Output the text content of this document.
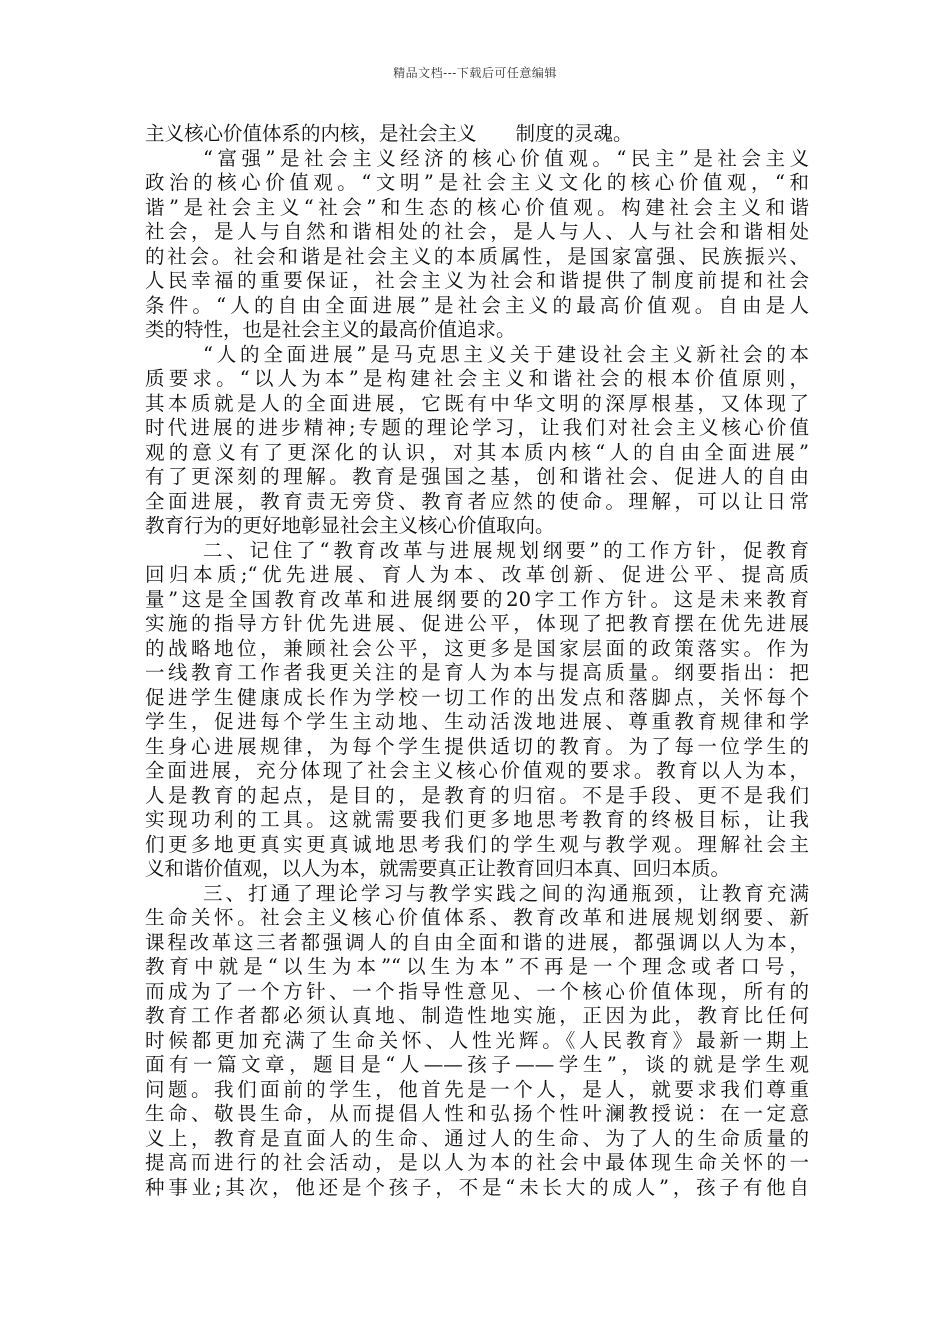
精品文档---下载后可任意编辑
主义核心价值体系的内核，是社会主义　　制度的灵魂。
“富强”是社会主义经济的核心价值观。“民主”是社会主义
政治的核心价值观。“文明”是社会主义文化的核心价值观，“和
谐”是社会主义“社会”和生态的核心价值观。构建社会主义和谐
社会，是人与自然和谐相处的社会，是人与人、人与社会和谐相处
的社会。社会和谐是社会主义的本质属性，是国家富强、民族振兴、
人民幸福的重要保证，社会主义为社会和谐提供了制度前提和社会
条件。“人的自由全面进展”是社会主义的最高价值观。自由是人
类的特性，也是社会主义的最高价值追求。
“人的全面进展”是马克思主义关于建设社会主义新社会的本
质要求。“以人为本”是构建社会主义和谐社会的根本价值原则，
其本质就是人的全面进展，它既有中华文明的深厚根基，又体现了
时代进展的进步精神;专题的理论学习，让我们对社会主义核心价值
观的意义有了更深化的认识，对其本质内核“人的自由全面进展”
有了更深刻的理解。教育是强国之基，创和谐社会、促进人的自由
全面进展，教育责无旁贷、教育者应然的使命。理解，可以让日常
教育行为的更好地彰显社会主义核心价值取向。
二、记住了“教育改革与进展规划纲要”的工作方针，促教育
回归本质;“优先进展、育人为本、改革创新、促进公平、提高质
量”这是全国教育改革和进展纲要的20字工作方针。这是未来教育
实施的指导方针优先进展、促进公平，体现了把教育摆在优先进展
的战略地位，兼顾社会公平，这更多是国家层面的政策落实。作为
一线教育工作者我更关注的是育人为本与提高质量。纲要指出：把
促进学生健康成长作为学校一切工作的出发点和落脚点，关怀每个
学生，促进每个学生主动地、生动活泼地进展、尊重教育规律和学
生身心进展规律，为每个学生提供适切的教育。为了每一位学生的
全面进展，充分体现了社会主义核心价值观的要求。教育以人为本，
人是教育的起点，是目的，是教育的归宿。不是手段、更不是我们
实现功利的工具。这就需要我们更多地思考教育的终极目标，让我
们更多地更真实更真诚地思考我们的学生观与教学观。理解社会主
义和谐价值观，以人为本，就需要真正让教育回归本真、回归本质。
三、打通了理论学习与教学实践之间的沟通瓶颈，让教育充满
生命关怀。社会主义核心价值体系、教育改革和进展规划纲要、新
课程改革这三者都强调人的自由全面和谐的进展，都强调以人为本，
教育中就是“以生为本”“以生为本”不再是一个理念或者口号，
而成为了一个方针、一个指导性意见、一个核心价值体现，所有的
教育工作者都必须认真地、制造性地实施，正因为此，教育比任何
时候都更加充满了生命关怀、人性光辉。《人民教育》最新一期上
面有一篇文章，题目是“人——孩子——学生”，谈的就是学生观
问题。我们面前的学生，他首先是一个人，是人，就要求我们尊重
生命、敬畏生命，从而提倡人性和弘扬个性叶澜教授说：在一定意
义上，教育是直面人的生命、通过人的生命、为了人的生命质量的
提高而进行的社会活动，是以人为本的社会中最体现生命关怀的一
种事业;其次，他还是个孩子，不是“未长大的成人”，孩子有他自
